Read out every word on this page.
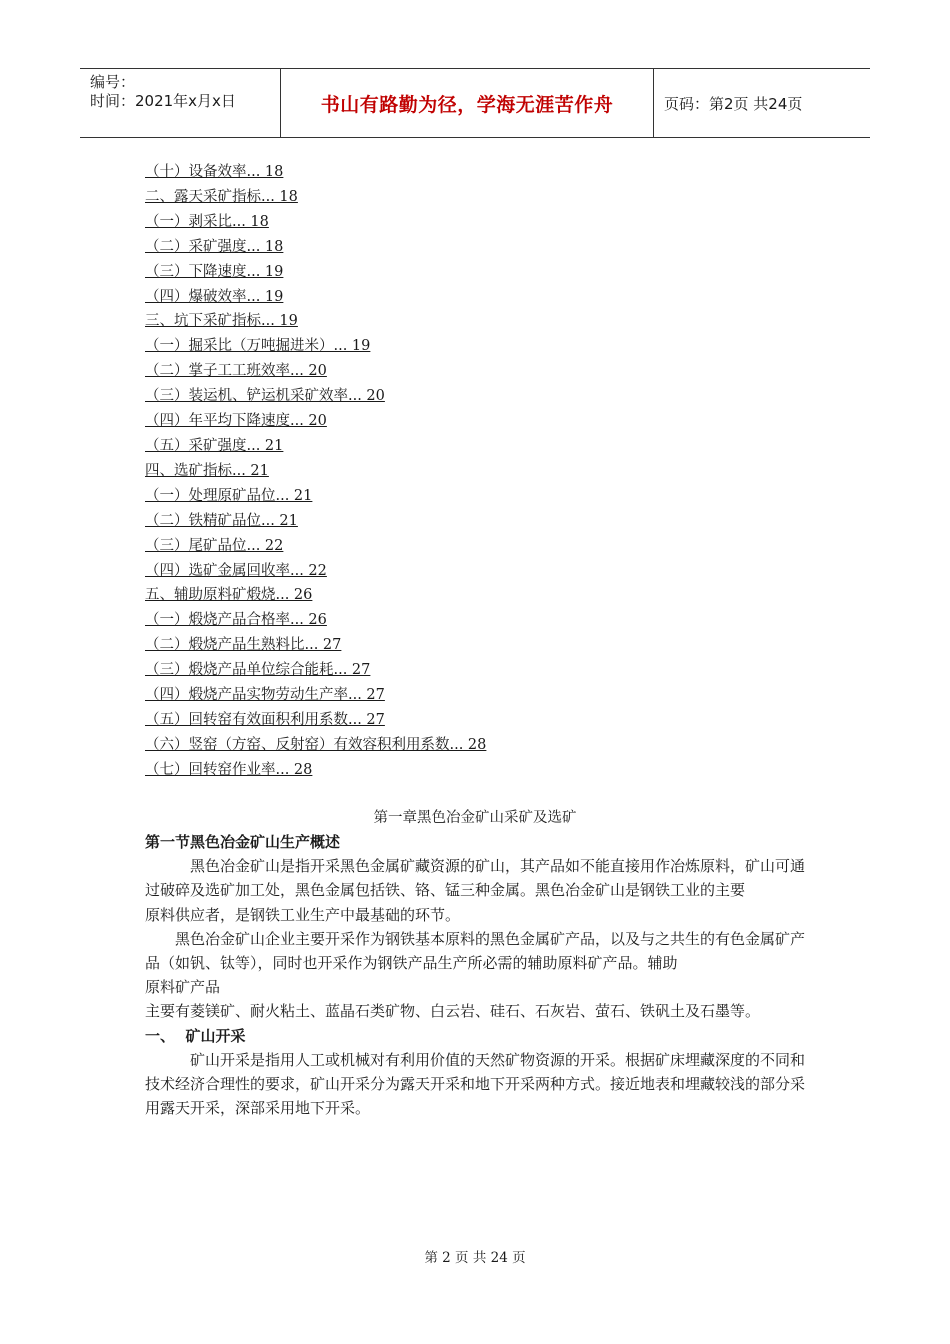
编号：
时间：2021年x月x日	书山有路勤为径，学海无涯苦作舟	页码：第2页 共24页
（十）设备效率... 18
二、露天采矿指标... 18
（一）剥采比... 18
（二）采矿强度... 18
（三）下降速度... 19
（四）爆破效率... 19
三、坑下采矿指标... 19
（一）掘采比（万吨掘进米）... 19
（二）掌子工工班效率... 20
（三）装运机、铲运机采矿效率... 20
（四）年平均下降速度... 20
（五）采矿强度... 21
四、选矿指标... 21
（一）处理原矿品位... 21
（二）铁精矿品位... 21
（三）尾矿品位... 22
（四）选矿金属回收率... 22
五、辅助原料矿煅烧... 26
（一）煅烧产品合格率... 26
（二）煅烧产品生熟料比... 27
（三）煅烧产品单位综合能耗... 27
（四）煅烧产品实物劳动生产率... 27
（五）回转窑有效面积利用系数... 27
（六）竖窑（方窑、反射窑）有效容积利用系数... 28
（七）回转窑作业率... 28
第一章黑色冶金矿山采矿及选矿

第一节黑色冶金矿山生产概述

黑色冶金矿山是指开采黑色金属矿藏资源的矿山，其产品如不能直接用作冶炼原料，矿山可通过破碎及选矿加工处，黑色金属包括铁、铬、锰三种金属。黑色冶金矿山是钢铁工业的主要

原料供应者，是钢铁工业生产中最基础的环节。

黑色冶金矿山企业主要开采作为钢铁基本原料的黑色金属矿产品，以及与之共生的有色金属矿产品（如钒、钛等），同时也开采作为钢铁产品生产所必需的辅助原料矿产品。辅助

原料矿产品

主要有菱镁矿、耐火粘土、蓝晶石类矿物、白云岩、硅石、石灰岩、萤石、铁矾土及石墨等。

一、  矿山开采

矿山开采是指用人工或机械对有利用价值的天然矿物资源的开采。根据矿床埋藏深度的不同和技术经济合理性的要求，矿山开采分为露天开采和地下开采两种方式。接近地表和埋藏较浅的部分采用露天开采，深部采用地下开采。

第 2 页 共 24 页
